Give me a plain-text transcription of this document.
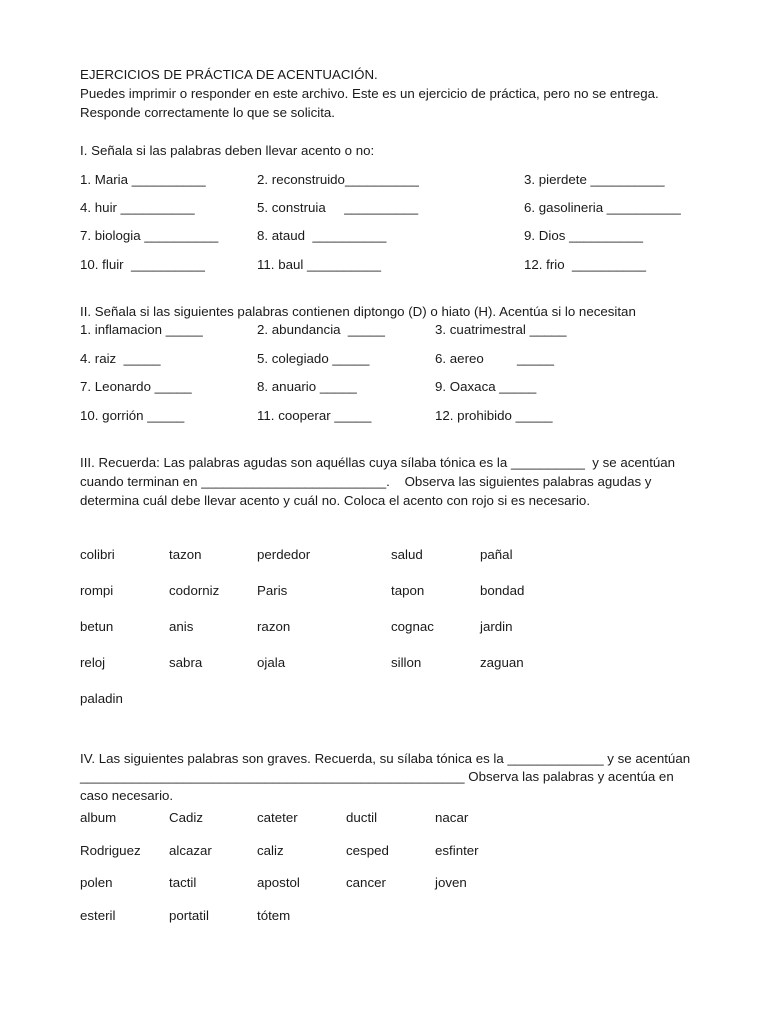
EJERCICIOS DE PRÁCTICA DE ACENTUACIÓN.
Puedes imprimir o responder en este archivo. Este es un ejercicio de práctica, pero no se entrega.
Responde correctamente lo que se solicita.
I. Señala si las palabras deben llevar acento o no:
1. Maria __________	2. reconstruido__________	3. pierdete __________
4. huir __________	5. construia     __________	6. gasolineria __________
7. biologia __________	8. ataud  __________	9. Dios __________
10. fluir  __________	11. baul __________	12. frio  __________
II. Señala si las siguientes palabras contienen diptongo (D) o hiato (H). Acentúa si lo necesitan
1. inflamacion _____	2. abundancia  _____	3. cuatrimestral _____
4. raiz  _____	5. colegiado _____	6. aereo         _____
7. Leonardo _____	8. anuario _____	9. Oaxaca _____
10. gorrión _____	11. cooperar _____	12. prohibido _____
III. Recuerda: Las palabras agudas son aquéllas cuya sílaba tónica es la __________  y se acentúan
cuando terminan en _________________________.    Observa las siguientes palabras agudas y
determina cuál debe llevar acento y cuál no. Coloca el acento con rojo si es necesario.
colibri	tazon	perdedor	salud	pañal
rompi	codorniz	Paris	tapon	bondad
betun	anis	razon	cognac	jardin
reloj	sabra	ojala	sillon	zaguan
paladin
IV. Las siguientes palabras son graves. Recuerda, su sílaba tónica es la _____________ y se acentúan
____________________________________________________ Observa las palabras y acentúa en
caso necesario.
album	Cadiz	cateter	ductil	nacar
Rodriguez alcazar	caliz	cesped	esfinter
polen	tactil	apostol	cancer	joven
esteril	portatil	tótem
